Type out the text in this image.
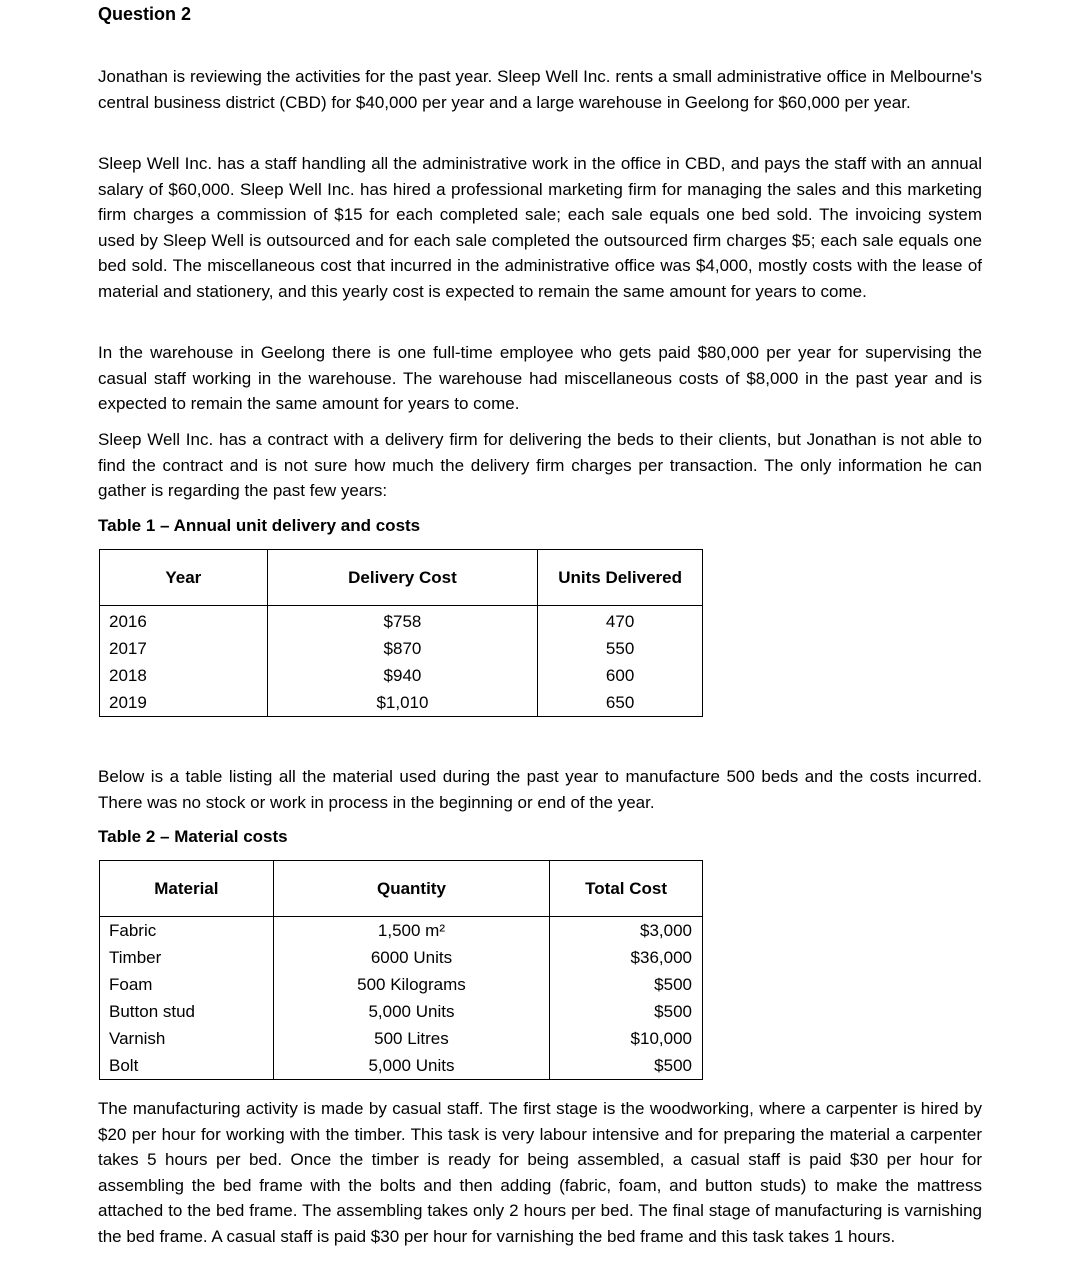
Question 2

Jonathan is reviewing the activities for the past year. Sleep Well Inc. rents a small administrative office in Melbourne's central business district (CBD) for $40,000 per year and a large warehouse in Geelong for $60,000 per year.

Sleep Well Inc. has a staff handling all the administrative work in the office in CBD, and pays the staff with an annual salary of $60,000. Sleep Well Inc. has hired a professional marketing firm for managing the sales and this marketing firm charges a commission of $15 for each completed sale; each sale equals one bed sold. The invoicing system used by Sleep Well is outsourced and for each sale completed the outsourced firm charges $5; each sale equals one bed sold. The miscellaneous cost that incurred in the administrative office was $4,000, mostly costs with the lease of material and stationery, and this yearly cost is expected to remain the same amount for years to come.

In the warehouse in Geelong there is one full-time employee who gets paid $80,000 per year for supervising the casual staff working in the warehouse. The warehouse had miscellaneous costs of $8,000 in the past year and is expected to remain the same amount for years to come.

Sleep Well Inc. has a contract with a delivery firm for delivering the beds to their clients, but Jonathan is not able to find the contract and is not sure how much the delivery firm charges per transaction. The only information he can gather is regarding the past few years:

Table 1 – Annual unit delivery and costs
Year	Delivery Cost	Units Delivered
2016	$758	470
2017	$870	550
2018	$940	600
2019	$1,010	650

Below is a table listing all the material used during the past year to manufacture 500 beds and the costs incurred. There was no stock or work in process in the beginning or end of the year.

Table 2 – Material costs
Material	Quantity	Total Cost
Fabric	1,500 m²	$3,000
Timber	6000 Units	$36,000
Foam	500 Kilograms	$500
Button stud	5,000 Units	$500
Varnish	500 Litres	$10,000
Bolt	5,000 Units	$500

The manufacturing activity is made by casual staff. The first stage is the woodworking, where a carpenter is hired by $20 per hour for working with the timber. This task is very labour intensive and for preparing the material a carpenter takes 5 hours per bed. Once the timber is ready for being assembled, a casual staff is paid $30 per hour for assembling the bed frame with the bolts and then adding (fabric, foam, and button studs) to make the mattress attached to the bed frame. The assembling takes only 2 hours per bed. The final stage of manufacturing is varnishing the bed frame. A casual staff is paid $30 per hour for varnishing the bed frame and this task takes 1 hours.
